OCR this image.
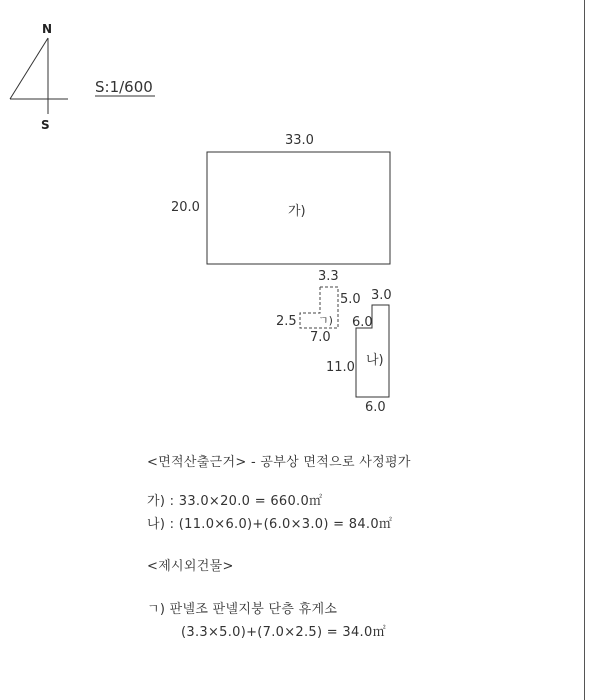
N
S
S:1/600
33.0
20.0	가)
3.3
5.0
2.5 ㄱ)
7.0
3.0
6.0
나)
11.0
6.0
<면적산출근거> - 공부상 면적으로 사정평가
가) : 33.0×20.0 = 660.0㎡
나) : (11.0×6.0)+(6.0×3.0) = 84.0㎡
<제시외건물>
ㄱ) 판넬조 판넬지붕 단층 휴게소
(3.3×5.0)+(7.0×2.5) = 34.0㎡
